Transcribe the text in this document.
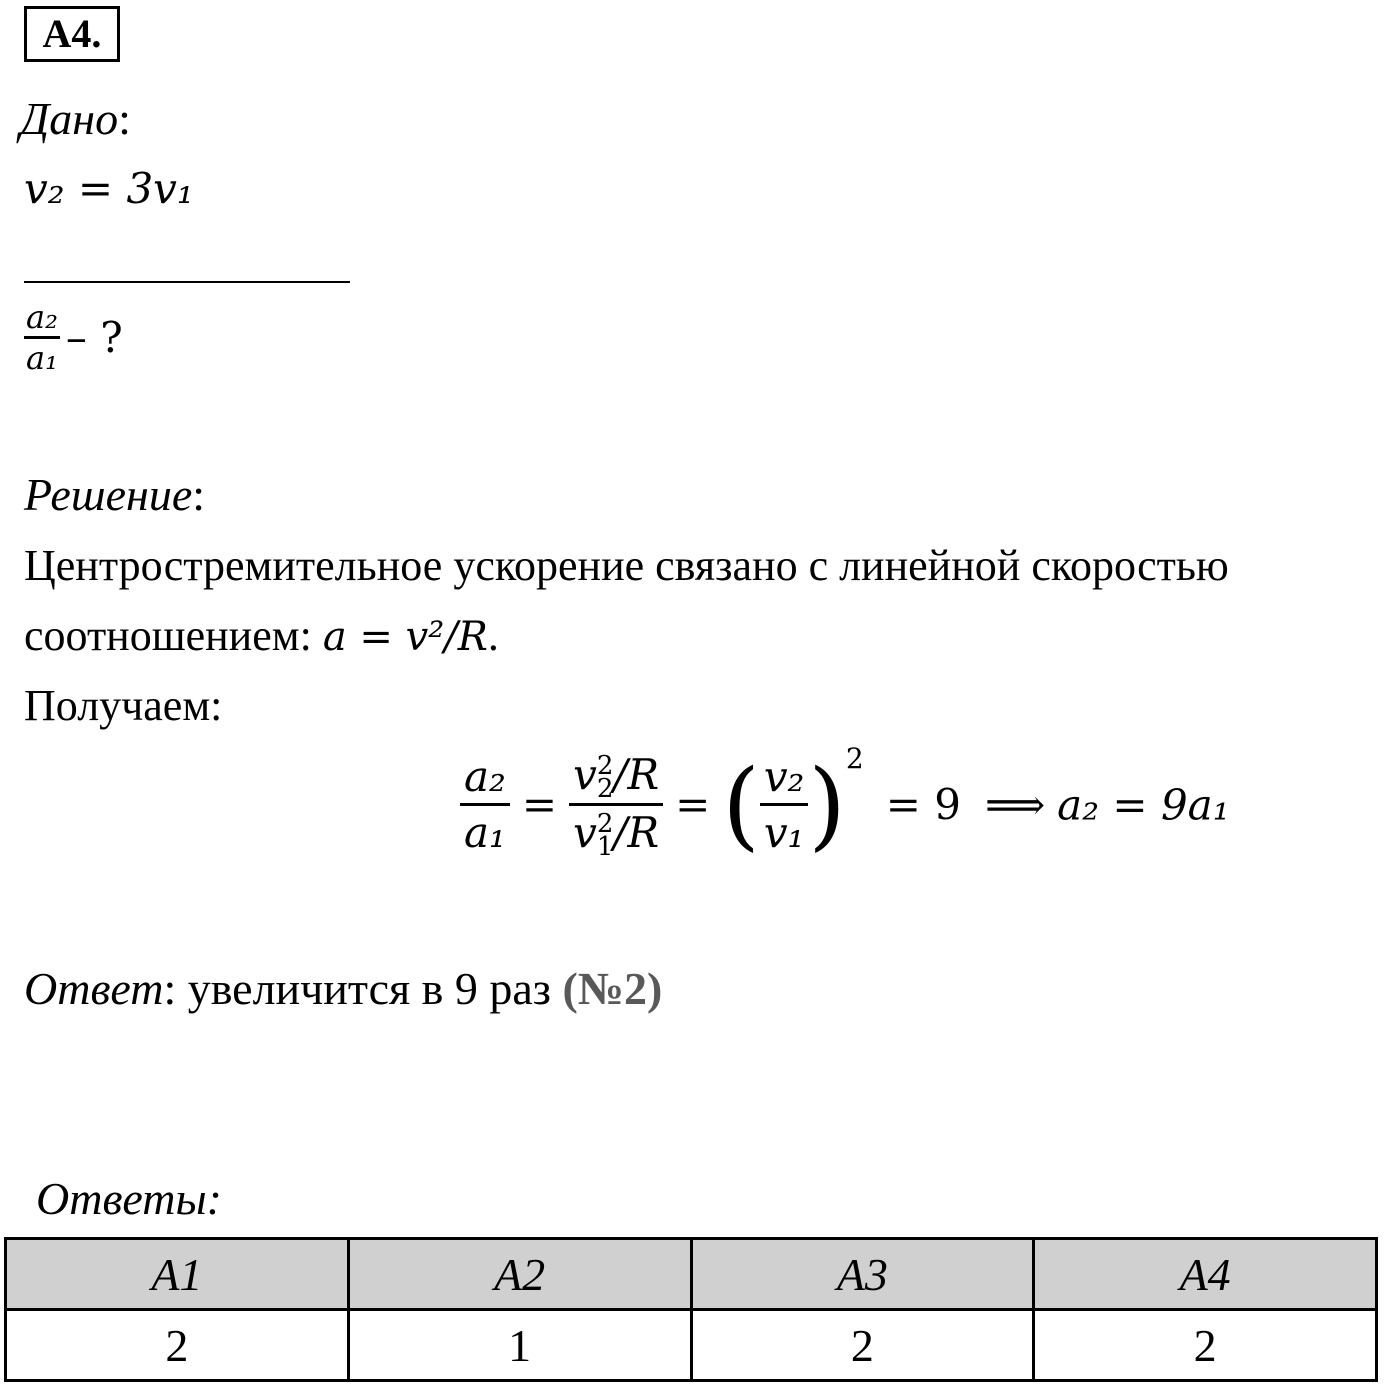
A4.
Дано:
v₂ = 3v₁
$\frac{\text{a₂}}{\text{a₁}}$ – ?
Решение:
Центростремительное ускорение связано с линейной скоростью
соотношением: a = v²/R.
Получаем:
$\frac{\text{a₂}}{\text{a₁}} = v$ 2
2 /R
v 2
1 /R = ( $\frac{\text{v₂}}{\text{v₁}} )^2= 9$ ⟹ a₂ = 9a₁
Ответ: увеличится в 9 раз (№2)
Ответы:
A1	A2	A3	A4
2	1	2	2
